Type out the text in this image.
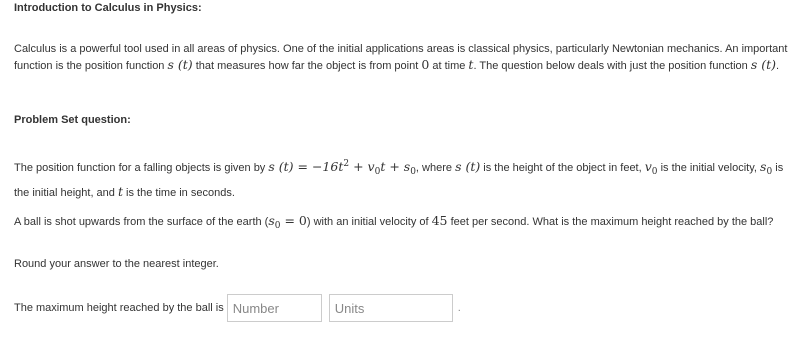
Introduction to Calculus in Physics:
Calculus is a powerful tool used in all areas of physics. One of the initial applications areas is classical physics, particularly Newtonian mechanics. An important function is the position function s (t) that measures how far the object is from point 0 at time t. The question below deals with just the position function s (t).
Problem Set question:
The position function for a falling objects is given by s $(t) = -16t^2 + v_0t + s_0$, where s (t) is the height of the object in feet, $v_0$ is the initial velocity, $s_0$ is the initial height, and t is the time in seconds.
A ball is shot upwards from the surface of the earth $(s_0 = 0)$ with an initial velocity of 45 feet per second. What is the maximum height reached by the ball?
Round your answer to the nearest integer.
The maximum height reached by the ball is
Number
Units	.
